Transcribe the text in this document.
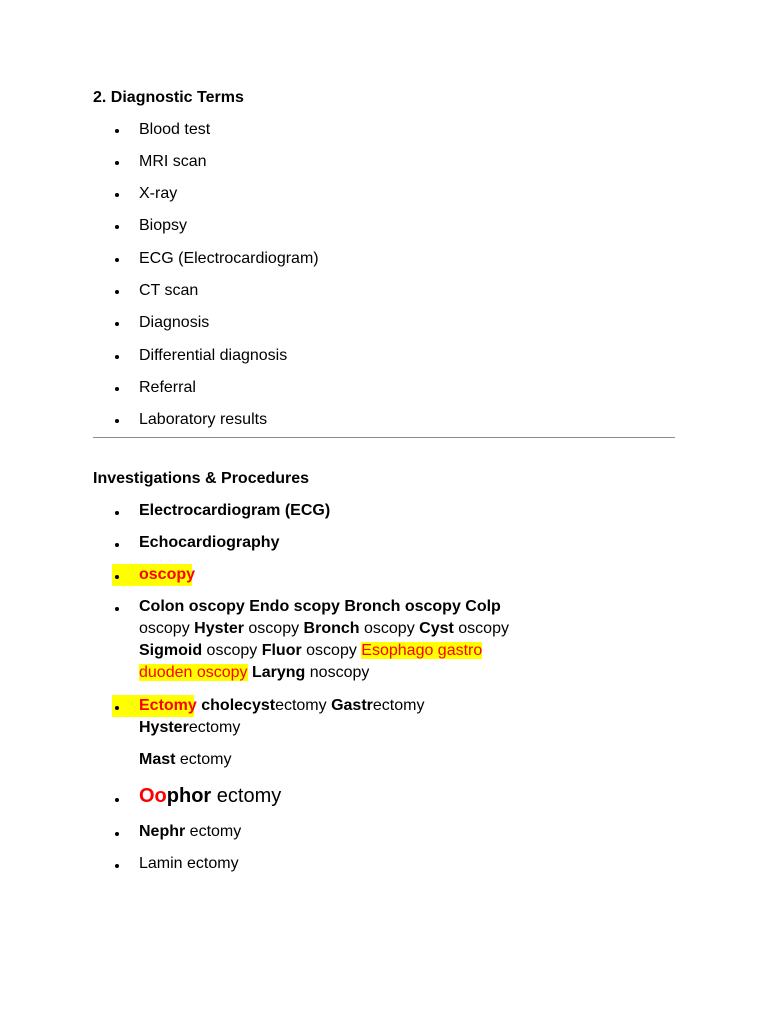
2. Diagnostic Terms

Blood test
MRI scan
X-ray
Biopsy
ECG (Electrocardiogram)
CT scan
Diagnosis
Differential diagnosis
Referral
Laboratory results

Investigations & Procedures

Electrocardiogram (ECG)
Echocardiography
oscopy
Colon oscopy Endo scopy Bronch oscopy Colp
oscopy Hyster oscopy Bronch oscopy Cyst oscopy
Sigmoid oscopy Fluor oscopy Esophago gastro
duoden oscopy Laryng noscopy
Ectomy cholecystectomy Gastrectomy
Hysterectomy
Mast ectomy
Oophor ectomy
Nephr ectomy
Lamin ectomy
